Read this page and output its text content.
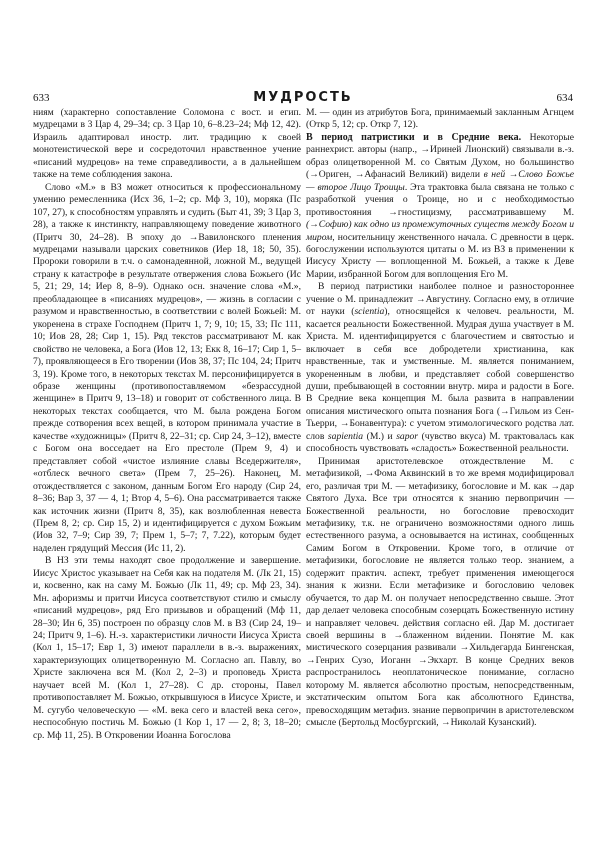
633	МУДРОСТЬ	634

ниям (характерно сопоставление Соломона с вост. и егип. мудрецами в 3 Цар 4, 29–34; ср. 3 Цар 10, 6–8.23–24; Мф 12, 42). Израиль адаптировал иностр. лит. традицию к своей монотеистической вере и сосредоточил нравственное учение «писаний мудрецов» на теме справедливости, а в дальнейшем также на теме соблюдения закона.

Слово «М.» в ВЗ может относиться к профессиональному умению ремесленника (Исх 36, 1–2; ср. Мф 3, 10), моряка (Пс 107, 27), к способностям управлять и судить (Быт 41, 39; 3 Цар 3, 28), а также к инстинкту, направляющему поведение животного (Притч 30, 24–28). В эпоху до →Вавилонского пленения мудрецами называли царских советников (Иер 18, 18; 50, 35). Пророки говорили в т.ч. о самонадеянной, ложной М., ведущей страну к катастрофе в результате отвержения слова Божьего (Ис 5, 21; 29, 14; Иер 8, 8–9). Однако осн. значение слова «М.», преобладающее в «писаниях мудрецов», — жизнь в согласии с разумом и нравственностью, в соответствии с волей Божьей: М. укоренена в страхе Господнем (Притч 1, 7; 9, 10; 15, 33; Пс 111, 10; Иов 28, 28; Сир 1, 15). Ряд текстов рассматривают М. как свойство не человека, а Бога (Иов 12, 13; Екк 8, 16–17; Сир 1, 5–7), проявляющееся в Его творении (Иов 38, 37; Пс 104, 24; Притч 3, 19). Кроме того, в некоторых текстах М. персонифицируется в образе женщины (противопоставляемом «безрассудной женщине» в Притч 9, 13–18) и говорит от собственного лица. В некоторых текстах сообщается, что М. была рождена Богом прежде сотворения всех вещей, в котором принимала участие в качестве «художницы» (Притч 8, 22–31; ср. Сир 24, 3–12), вместе с Богом она восседает на Его престоле (Прем 9, 4) и представляет собой «чистое излияние славы Вседержителя», «отблеск вечного света» (Прем 7, 25–26). Наконец, М. отождествляется с законом, данным Богом Его народу (Сир 24, 8–36; Вар 3, 37 — 4, 1; Втор 4, 5–6). Она рассматривается также как источник жизни (Притч 8, 35), как возлюбленная невеста (Прем 8, 2; ср. Сир 15, 2) и идентифицируется с духом Божьим (Иов 32, 7–9; Сир 39, 7; Прем 1, 5–7; 7, 7.22), которым будет наделен грядущий Мессия (Ис 11, 2).

В НЗ эти темы находят свое продолжение и завершение. Иисус Христос указывает на Себя как на подателя М. (Лк 21, 15) и, косвенно, как на саму М. Божью (Лк 11, 49; ср. Мф 23, 34). Мн. афоризмы и притчи Иисуса соответствуют стилю и смыслу «писаний мудрецов», ряд Его призывов и обращений (Мф 11, 28–30; Ин 6, 35) построен по образцу слов М. в ВЗ (Сир 24, 19–24; Притч 9, 1–6). Н.-з. характеристики личности Иисуса Христа (Кол 1, 15–17; Евр 1, 3) имеют параллели в в.-з. выражениях, характеризующих олицетворенную М. Согласно ап. Павлу, во Христе заключена вся М. (Кол 2, 2–3) и проповедь Христа научает всей М. (Кол 1, 27–28). С др. стороны, Павел противопоставляет М. Божью, открывшуюся в Иисусе Христе, и М. сугубо человеческую — «М. века сего и властей века сего», неспособную постичь М. Божью (1 Кор 1, 17 — 2, 8; 3, 18–20; ср. Мф 11, 25). В Откровении Иоанна Богослова

М. — один из атрибутов Бога, принимаемый закланным Агнцем (Откр 5, 12; ср. Откр 7, 12).

В период патристики и в Средние века. Некоторые раннехрист. авторы (напр., →Ириней Лионский) связывали в.-з. образ олицетворенной М. со Святым Духом, но большинство (→Ориген, →Афанасий Великий) видели в ней →Слово Божье — второе Лицо Троицы. Эта трактовка была связана не только с разработкой учения о Троице, но и с необходимостью противостояния →гностицизму, рассматривавшему М. (→Софию) как одно из промежуточных существ между Богом и миром, носительницу женственного начала. С древности в церк. богослужении используются цитаты о М. из ВЗ в применении к Иисусу Христу — воплощенной М. Божьей, а также к Деве Марии, избранной Богом для воплощения Его М.

В период патристики наиболее полное и разностороннее учение о М. принадлежит →Августину. Согласно ему, в отличие от науки (scientia), относящейся к человеч. реальности, М. касается реальности Божественной. Мудрая душа участвует в М. Христа. М. идентифицируется с благочестием и святостью и включает в себя все добродетели христианина, как нравственные, так и умственные. М. является пониманием, укорененным в любви, и представляет собой совершенство души, пребывающей в состоянии внутр. мира и радости в Боге. В Средние века концепция М. была развита в направлении описания мистического опыта познания Бога (→Гильом из Сен-Тьерри, →Бонавентура): с учетом этимологического родства лат. слов sapientia (М.) и sapor (чувство вкуса) М. трактовалась как способность чувствовать «сладость» Божественной реальности.

Принимая аристотелевское отождествление М. с метафизикой, →Фома Аквинский в то же время модифицировал его, различая три М. — метафизику, богословие и М. как →дар Святого Духа. Все три относятся к знанию первопричин — Божественной реальности, но богословие превосходит метафизику, т.к. не ограничено возможностями одного лишь естественного разума, а основывается на истинах, сообщенных Самим Богом в Откровении. Кроме того, в отличие от метафизики, богословие не является только теор. знанием, а содержит практич. аспект, требует применения имеющегося знания к жизни. Если метафизике и богословию человек обучается, то дар М. он получает непосредственно свыше. Этот дар делает человека способным созерцать Божественную истину и направляет человеч. действия согласно ей. Дар М. достигает своей вершины в →блаженном ви́дении. Понятие М. как мистического созерцания развивали →Хильдегарда Бингенская, →Генрих Сузо, Иоганн →Экхарт. В конце Средних веков распространилось неоплатоническое понимание, согласно которому М. является абсолютно простым, непосредственным, экстатическим опытом Бога как абсолютного Единства, превосходящим метафиз. знание первопричин в аристотелевском смысле (Бертольд Мосбургский, →Николай Кузанский).
